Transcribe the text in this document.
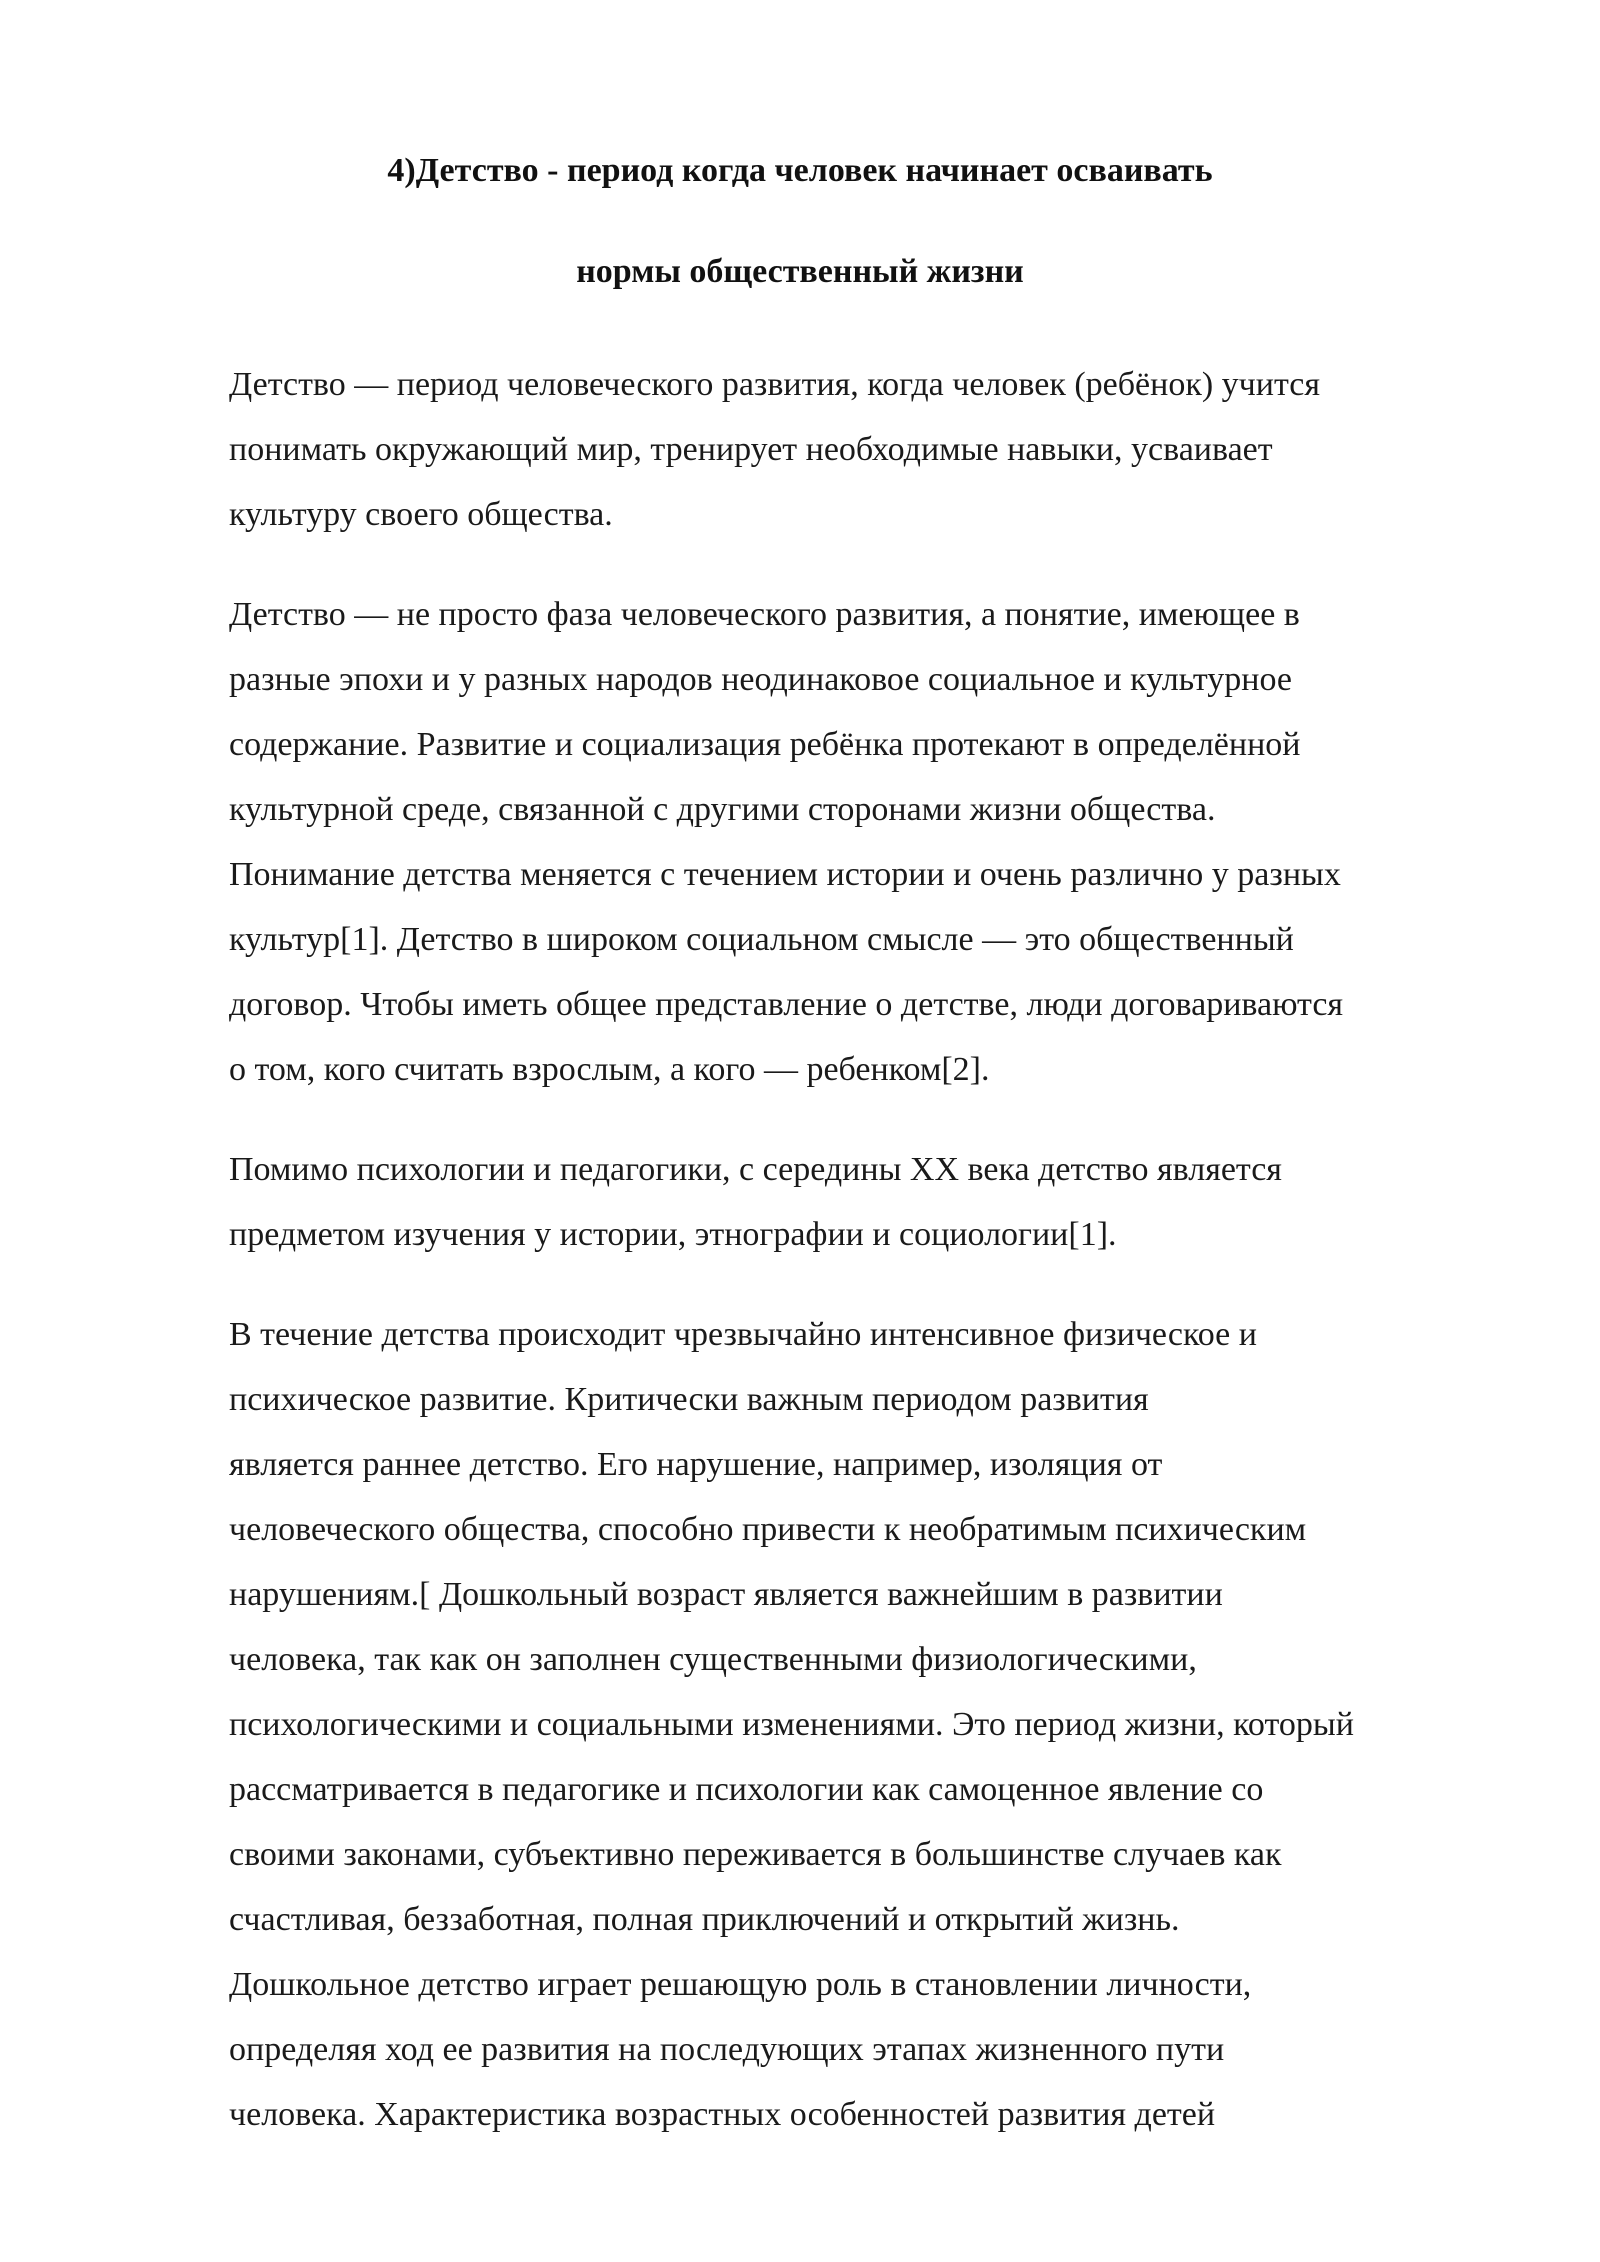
4)Детство - период когда человек начинает осваивать
нормы общественный жизни

Детство — период человеческого развития, когда человек (ребёнок) учится
понимать окружающий мир, тренирует необходимые навыки, усваивает
культуру своего общества.

Детство — не просто фаза человеческого развития, а понятие, имеющее в
разные эпохи и у разных народов неодинаковое социальное и культурное
содержание. Развитие и социализация ребёнка протекают в определённой
культурной среде, связанной с другими сторонами жизни общества.
Понимание детства меняется с течением истории и очень различно у разных
культур[1]. Детство в широком социальном смысле — это общественный
договор. Чтобы иметь общее представление о детстве, люди договариваются
о том, кого считать взрослым, а кого — ребенком[2].

Помимо психологии и педагогики, с середины XX века детство является
предметом изучения у истории, этнографии и социологии[1].

В течение детства происходит чрезвычайно интенсивное физическое и
психическое развитие. Критически важным периодом развития
является раннее детство. Его нарушение, например, изоляция от
человеческого общества, способно привести к необратимым психическим
нарушениям.[ Дошкольный возраст является важнейшим в развитии
человека, так как он заполнен существенными физиологическими,
психологическими и социальными изменениями. Это период жизни, который
рассматривается в педагогике и психологии как самоценное явление со
своими законами, субъективно переживается в большинстве случаев как
счастливая, беззаботная, полная приключений и открытий жизнь.
Дошкольное детство играет решающую роль в становлении личности,
определяя ход ее развития на последующих этапах жизненного пути
человека. Характеристика возрастных особенностей развития детей
